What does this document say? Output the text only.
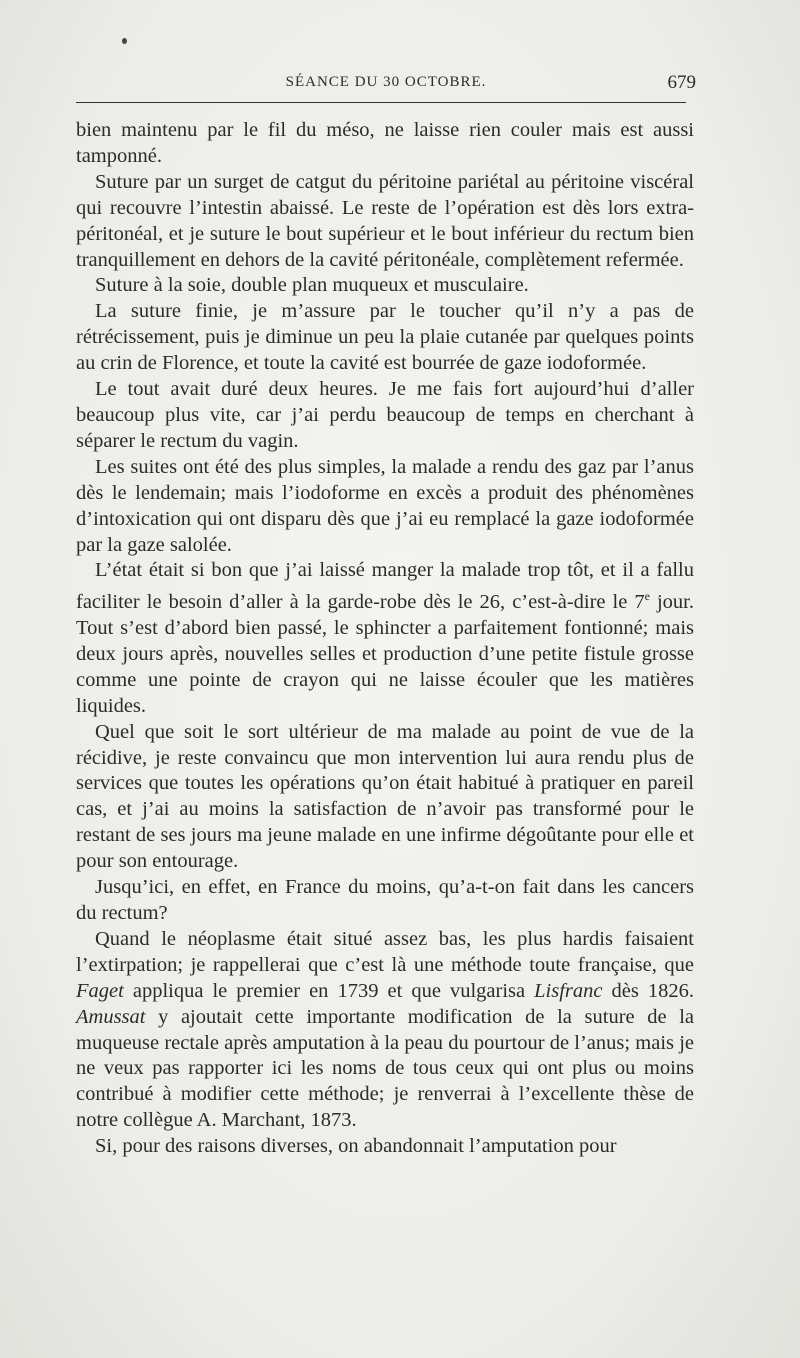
SÉANCE DU 30 OCTOBRE.	679

bien maintenu par le fil du méso, ne laisse rien couler mais est aussi tamponné.

Suture par un surget de catgut du péritoine pariétal au péritoine viscéral qui recouvre l’intestin abaissé. Le reste de l’opération est dès lors extra-péritonéal, et je suture le bout supérieur et le bout inférieur du rectum bien tranquillement en dehors de la cavité péritonéale, complètement refermée.

Suture à la soie, double plan muqueux et musculaire.

La suture finie, je m’assure par le toucher qu’il n’y a pas de rétrécissement, puis je diminue un peu la plaie cutanée par quelques points au crin de Florence, et toute la cavité est bourrée de gaze iodoformée.

Le tout avait duré deux heures. Je me fais fort aujourd’hui d’aller beaucoup plus vite, car j’ai perdu beaucoup de temps en cherchant à séparer le rectum du vagin.

Les suites ont été des plus simples, la malade a rendu des gaz par l’anus dès le lendemain; mais l’iodoforme en excès a produit des phénomènes d’intoxication qui ont disparu dès que j’ai eu remplacé la gaze iodoformée par la gaze salolée.

L’état était si bon que j’ai laissé manger la malade trop tôt, et il a fallu faciliter le besoin d’aller à la garde-robe dès le 26, c’est-à-dire le 7e jour. Tout s’est d’abord bien passé, le sphincter a parfaitement fontionné; mais deux jours après, nouvelles selles et production d’une petite fistule grosse comme une pointe de crayon qui ne laisse écouler que les matières liquides.

Quel que soit le sort ultérieur de ma malade au point de vue de la récidive, je reste convaincu que mon intervention lui aura rendu plus de services que toutes les opérations qu’on était habitué à pratiquer en pareil cas, et j’ai au moins la satisfaction de n’avoir pas transformé pour le restant de ses jours ma jeune malade en une infirme dégoûtante pour elle et pour son entourage.

Jusqu’ici, en effet, en France du moins, qu’a-t-on fait dans les cancers du rectum?

Quand le néoplasme était situé assez bas, les plus hardis faisaient l’extirpation; je rappellerai que c’est là une méthode toute française, que Faget appliqua le premier en 1739 et que vulgarisa Lisfranc dès 1826. Amussat y ajoutait cette importante modification de la suture de la muqueuse rectale après amputation à la peau du pourtour de l’anus; mais je ne veux pas rapporter ici les noms de tous ceux qui ont plus ou moins contribué à modifier cette méthode; je renverrai à l’excellente thèse de notre collègue A. Marchant, 1873.

Si, pour des raisons diverses, on abandonnait l’amputation pour
